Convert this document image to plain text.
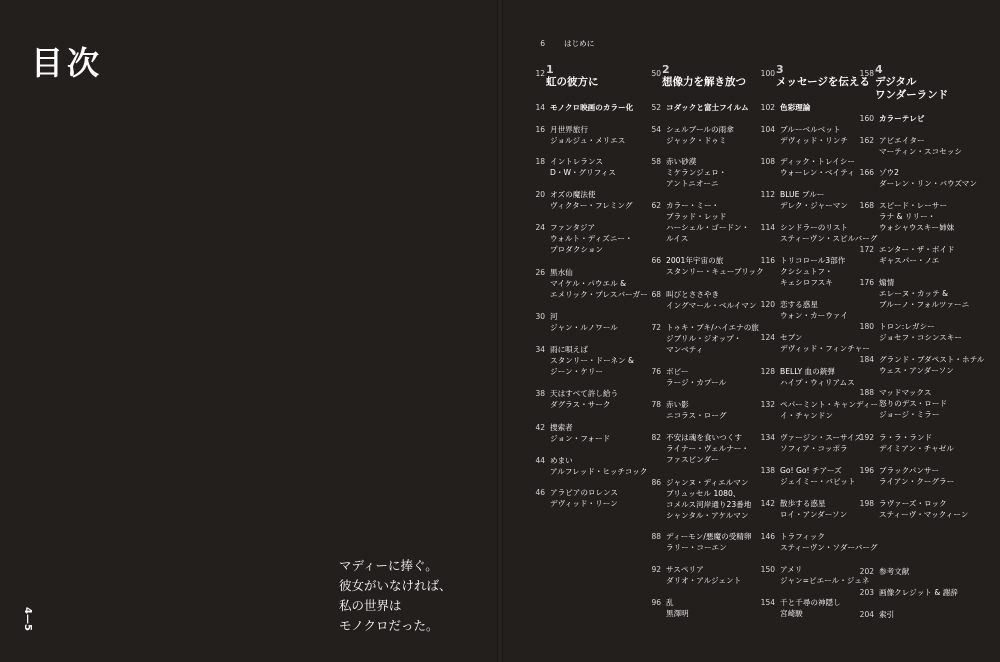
目次
マディーに捧ぐ。
彼女がいなければ、
私の世界は
モノクロだった。
4—5
6	はじめに
12 1
虹の彼方に
50 2
想像力を解き放つ
100 3
メッセージを伝える
158 4
デジタル
ワンダーランド
14 モノクロ映画のカラー化
16 月世界旅行
ジョルジュ・メリエス
18 イントレランス
D・W・グリフィス
20 オズの魔法使
ヴィクター・フレミング
24 ファンタジア
ウォルト・ディズニー・
プロダクション
26 黒水仙
マイケル・パウエル &
エメリック・プレスバーガー
30 河
ジャン・ルノワール
34 雨に唄えば
スタンリー・ドーネン &
ジーン・ケリー
38 天はすべて許し給う
ダグラス・サーク
42 捜索者
ジョン・フォード
44 めまい
アルフレッド・ヒッチコック
46 アラビアのロレンス
デヴィッド・リーン
52 コダックと富士フイルム
54 シェルブールの雨傘
ジャック・ドゥミ
58 赤い砂漠
ミケランジェロ・
アントニオーニ
62 カラー・ミー・
ブラッド・レッド
ハーシェル・ゴードン・
ルイス
66 2001年宇宙の旅
スタンリー・キューブリック
68 叫びとささやき
イングマール・ベルイマン
72 トゥキ・ブキ/ハイエナの旅
ジブリル・ジオップ・
マンベティ
76 ボビー
ラージ・カプール
78 赤い影
ニコラス・ローグ
82 不安は魂を食いつくす
ライナー・ヴェルナー・
ファスビンダー
86 ジャンヌ・ディエルマン
ブリュッセル 1080、
コメルス河岸通り23番地
シャンタル・アケルマン
88 ディーモン/悪魔の受精卵
ラリー・コーエン
92 サスペリア
ダリオ・アルジェント
96 乱
黒澤明
102 色彩理論
104 ブルーベルベット
デヴィッド・リンチ
108 ディック・トレイシー
ウォーレン・ベイティ
112 BLUE ブルー
デレク・ジャーマン
114 シンドラーのリスト
スティーヴン・スピルバーグ
116 トリコロール3部作
クシシュトフ・
キェシロフスキ
120 恋する惑星
ウォン・カーウァイ
124 セブン
デヴィッド・フィンチャー
128 BELLY 血の銃弾
ハイプ・ウィリアムス
132 ペパーミント・キャンディー
イ・チャンドン
134 ヴァージン・スーサイズ
ソフィア・コッポラ
138 Go! Go! チアーズ
ジェイミー・バビット
142 散歩する惑星
ロイ・アンダーソン
146 トラフィック
スティーヴン・ソダーバーグ
150 アメリ
ジャン=ピエール・ジュネ
154 千と千尋の神隠し
宮崎駿
160 カラーテレビ
162 アビエイター
マーティン・スコセッシ
166 ゾウ2
ダーレン・リン・バウズマン
168 スピード・レーサー
ラナ & リリー・
ウォシャウスキー姉妹
172 エンター・ザ・ボイド
ギャスパー・ノエ
176 煽情
エレーヌ・カッテ &
ブルーノ・フォルツァーニ
180 トロン:レガシー
ジョセフ・コシンスキー
184 グランド・ブダペスト・ホテル
ウェス・アンダーソン
188 マッドマックス
怒りのデス・ロード
ジョージ・ミラー
192 ラ・ラ・ランド
デイミアン・チャゼル
196 ブラックパンサー
ライアン・クーグラー
198 ラヴァーズ・ロック
スティーヴ・マックィーン
202 参考文献
203 画像クレジット & 謝辞
204 索引
